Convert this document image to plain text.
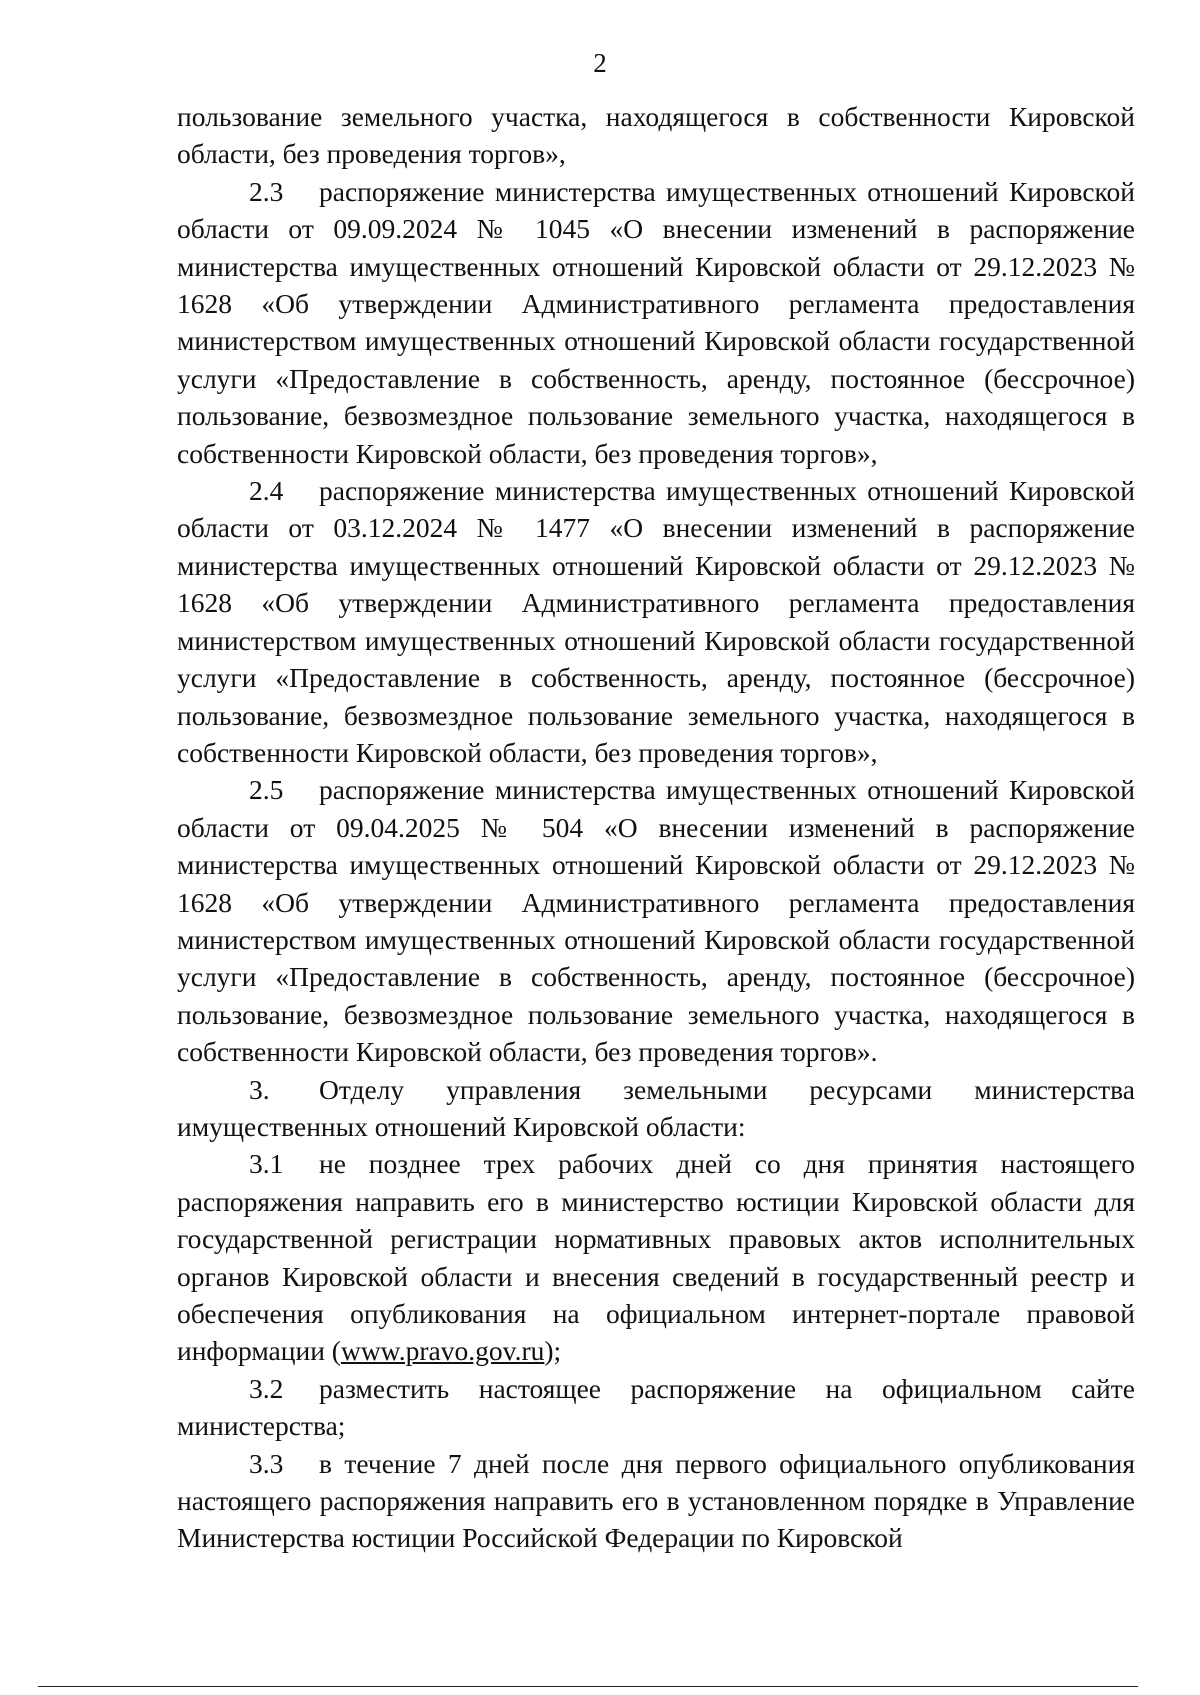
2

пользование земельного участка, находящегося в собственности Кировской области, без проведения торгов»,

2.3 распоряжение министерства имущественных отношений Кировской области от 09.09.2024 № 1045 «О внесении изменений в распоряжение министерства имущественных отношений Кировской области от 29.12.2023 № 1628 «Об утверждении Административного регламента предоставления министерством имущественных отношений Кировской области государственной услуги «Предоставление в собственность, аренду, постоянное (бессрочное) пользование, безвозмездное пользование земельного участка, находящегося в собственности Кировской области, без проведения торгов»,

2.4 распоряжение министерства имущественных отношений Кировской области от 03.12.2024 № 1477 «О внесении изменений в распоряжение министерства имущественных отношений Кировской области от 29.12.2023 № 1628 «Об утверждении Административного регламента предоставления министерством имущественных отношений Кировской области государственной услуги «Предоставление в собственность, аренду, постоянное (бессрочное) пользование, безвозмездное пользование земельного участка, находящегося в собственности Кировской области, без проведения торгов»,

2.5 распоряжение министерства имущественных отношений Кировской области от 09.04.2025 № 504 «О внесении изменений в распоряжение министерства имущественных отношений Кировской области от 29.12.2023 № 1628 «Об утверждении Административного регламента предоставления министерством имущественных отношений Кировской области государственной услуги «Предоставление в собственность, аренду, постоянное (бессрочное) пользование, безвозмездное пользование земельного участка, находящегося в собственности Кировской области, без проведения торгов».

3. Отделу управления земельными ресурсами министерства имущественных отношений Кировской области:

3.1 не позднее трех рабочих дней со дня принятия настоящего распоряжения направить его в министерство юстиции Кировской области для государственной регистрации нормативных правовых актов исполнительных органов Кировской области и внесения сведений в государственный реестр и обеспечения опубликования на официальном интернет-портале правовой информации (www.pravo.gov.ru);

3.2 разместить настоящее распоряжение на официальном сайте министерства;

3.3 в течение 7 дней после дня первого официального опубликования настоящего распоряжения направить его в установленном порядке в Управление Министерства юстиции Российской Федерации по Кировской
